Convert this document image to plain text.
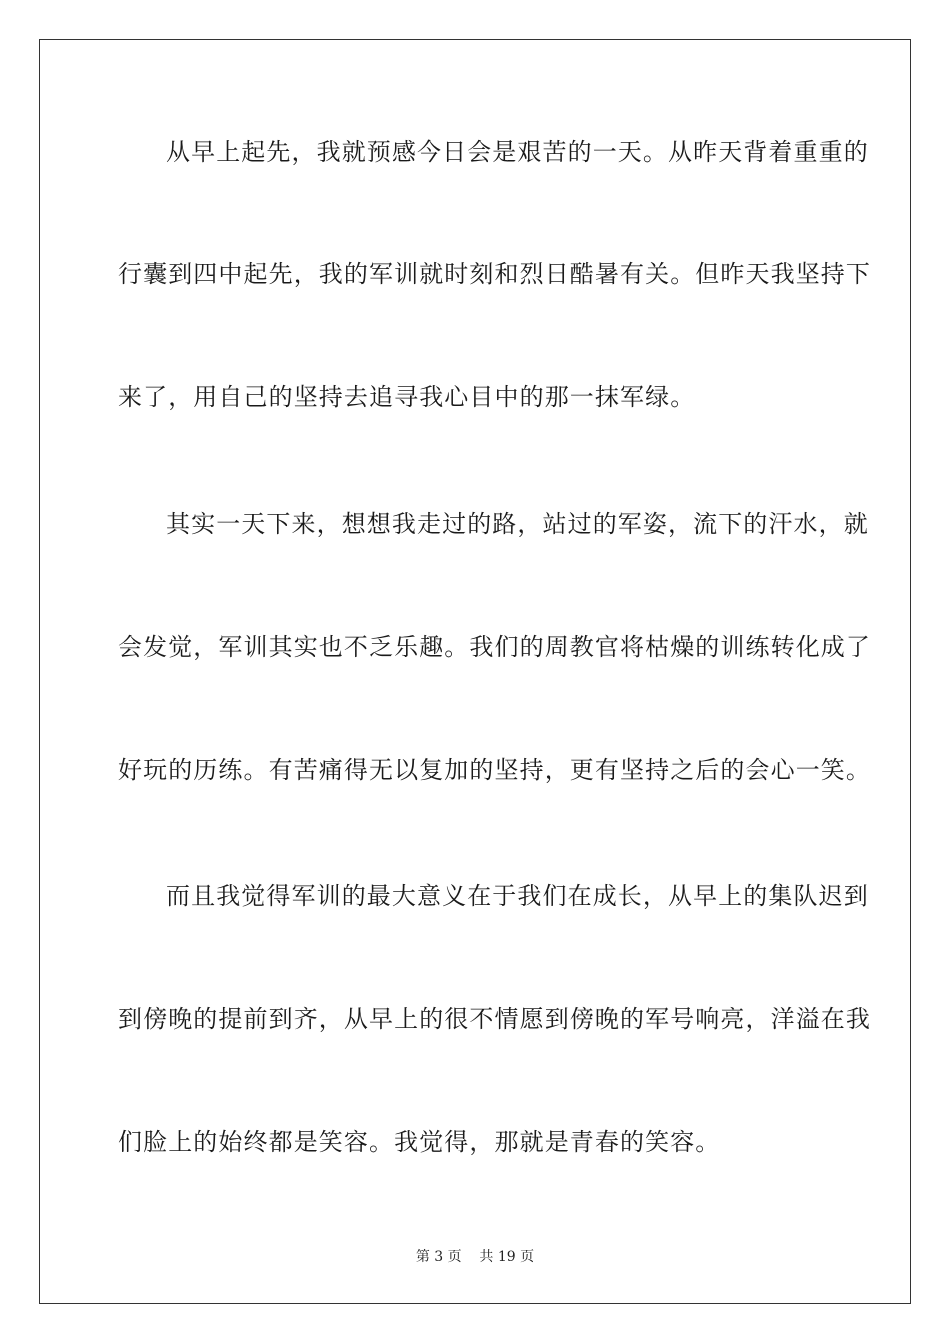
从早上起先，我就预感今日会是艰苦的一天。从昨天背着重重的
行囊到四中起先，我的军训就时刻和烈日酷暑有关。但昨天我坚持下
来了，用自己的坚持去追寻我心目中的那一抹军绿。
其实一天下来，想想我走过的路，站过的军姿，流下的汗水，就
会发觉，军训其实也不乏乐趣。我们的周教官将枯燥的训练转化成了
好玩的历练。有苦痛得无以复加的坚持，更有坚持之后的会心一笑。
而且我觉得军训的最大意义在于我们在成长，从早上的集队迟到
到傍晚的提前到齐，从早上的很不情愿到傍晚的军号响亮，洋溢在我
们脸上的始终都是笑容。我觉得，那就是青春的笑容。
第 3 页    共 19 页
